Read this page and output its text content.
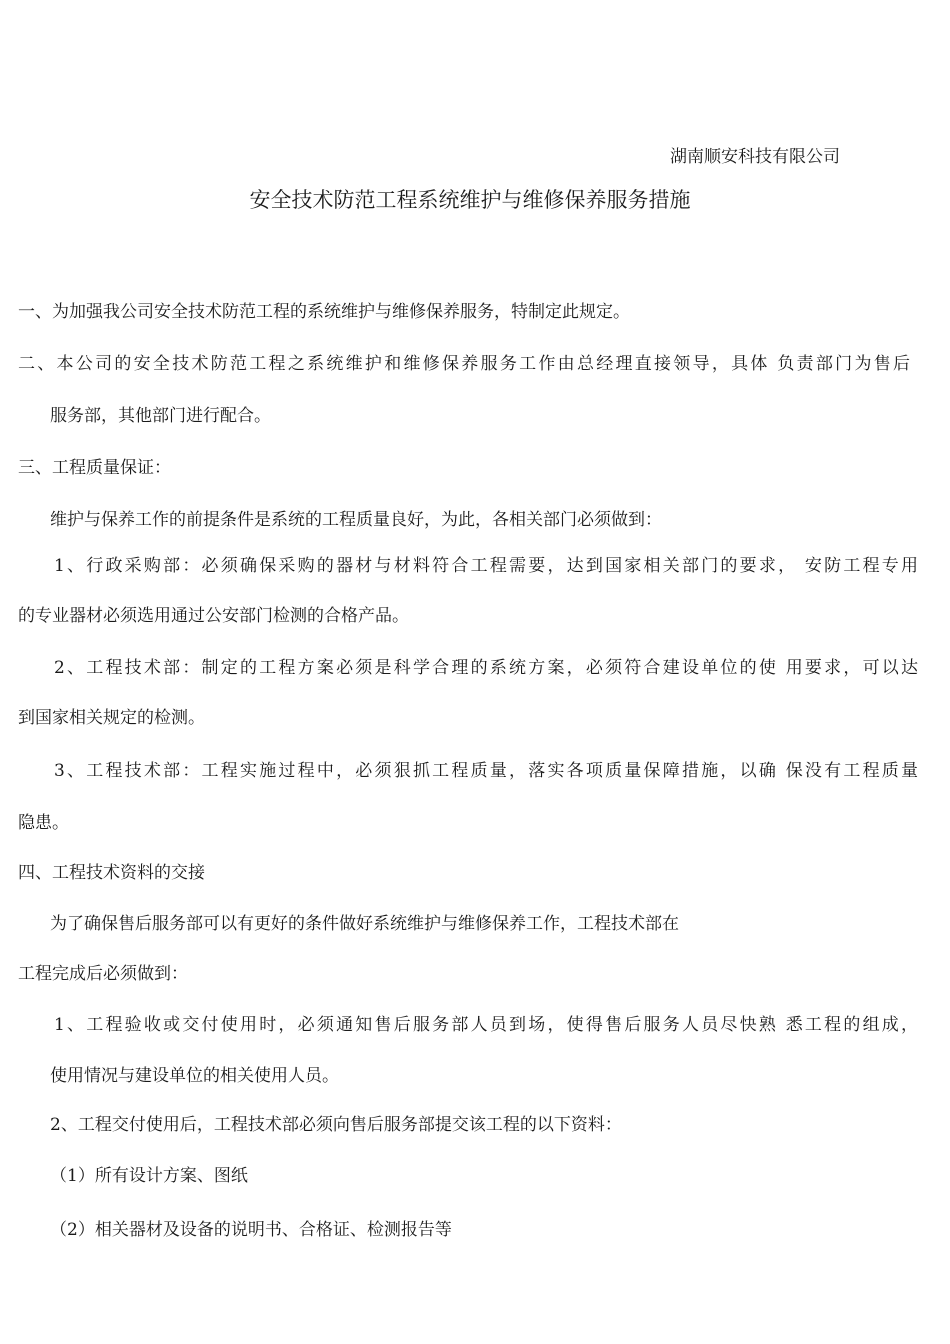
湖南顺安科技有限公司
安全技术防范工程系统维护与维修保养服务措施

一、为加强我公司安全技术防范工程的系统维护与维修保养服务，特制定此规定。

二、本公司的安全技术防范工程之系统维护和维修保养服务工作由总经理直接领导，具体 负责部门为售后

服务部，其他部门进行配合。

三、工程质量保证：

维护与保养工作的前提条件是系统的工程质量良好，为此，各相关部门必须做到：

1、行政采购部：必须确保采购的器材与材料符合工程需要，达到国家相关部门的要求， 安防工程专用

的专业器材必须选用通过公安部门检测的合格产品。

2、工程技术部：制定的工程方案必须是科学合理的系统方案，必须符合建设单位的使 用要求，可以达

到国家相关规定的检测。

3、工程技术部：工程实施过程中，必须狠抓工程质量，落实各项质量保障措施，以确 保没有工程质量

隐患。

四、工程技术资料的交接

为了确保售后服务部可以有更好的条件做好系统维护与维修保养工作，工程技术部在

工程完成后必须做到：

1、工程验收或交付使用时，必须通知售后服务部人员到场，使得售后服务人员尽快熟 悉工程的组成，

使用情况与建设单位的相关使用人员。

2、工程交付使用后，工程技术部必须向售后服务部提交该工程的以下资料：

（1）所有设计方案、图纸

（2）相关器材及设备的说明书、合格证、检测报告等
